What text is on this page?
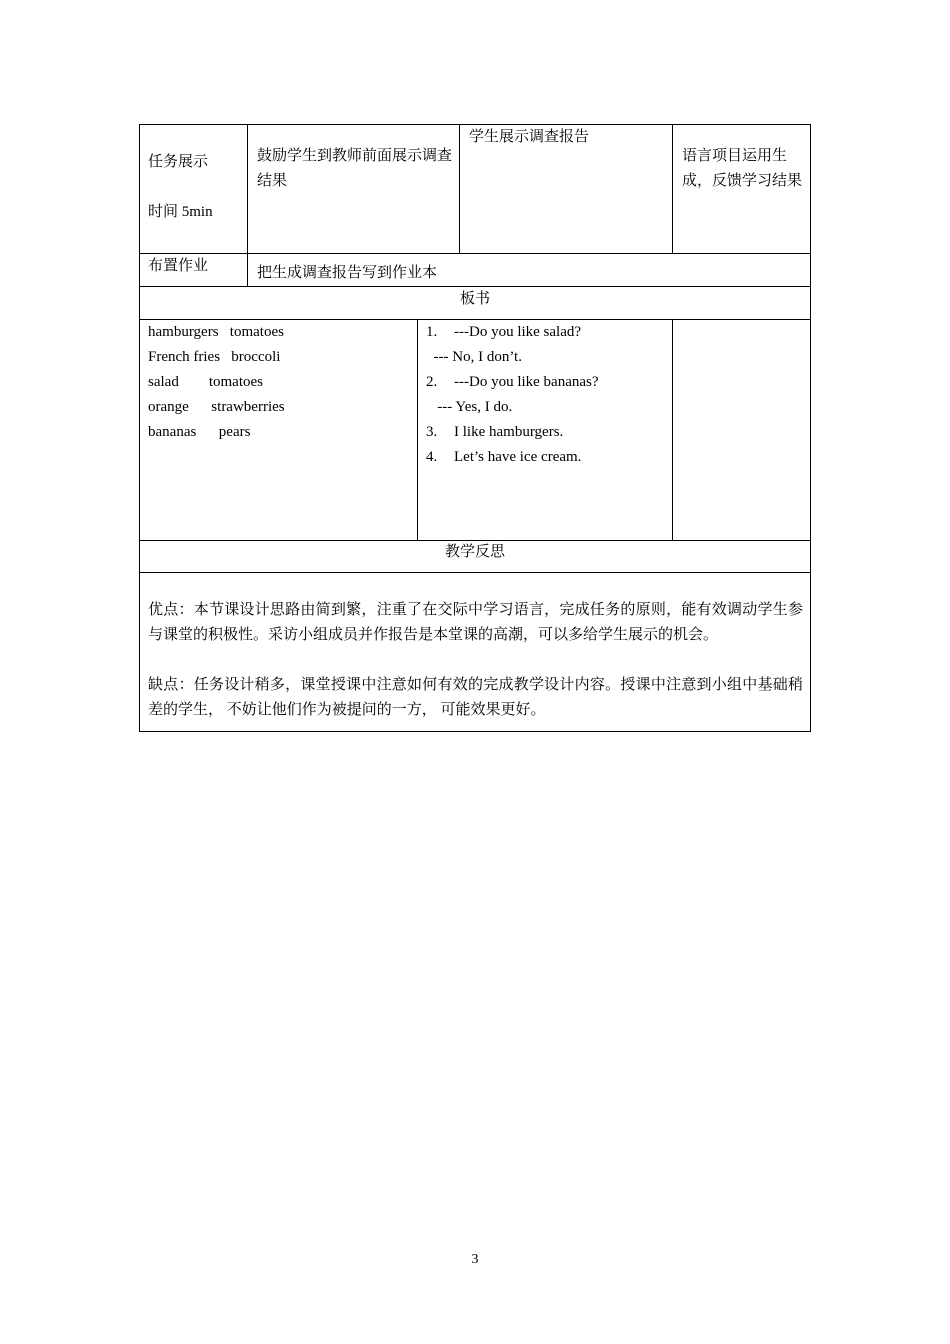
任务展示

时间 5min

鼓励学生到教师前面展示调查结果
学生展示调查报告
语言项目运用生成，反馈学习结果
布置作业	把生成调查报告写到作业本
板书
hamburgers   tomatoes
French fries   broccoli
salad        tomatoes
orange      strawberries
bananas      pears
1. ---Do you like salad?
--- No, I don’t.
2. ---Do you like bananas?
--- Yes, I do.
3. I like hamburgers.
4. Let’s have ice cream.
教学反思

优点：本节课设计思路由简到繁，注重了在交际中学习语言，完成任务的原则，能有效调动学生参与课堂的积极性。采访小组成员并作报告是本堂课的高潮，可以多给学生展示的机会。

缺点：任务设计稍多，课堂授课中注意如何有效的完成教学设计内容。授课中注意到小组中基础稍差的学生， 不妨让他们作为被提问的一方， 可能效果更好。

3
